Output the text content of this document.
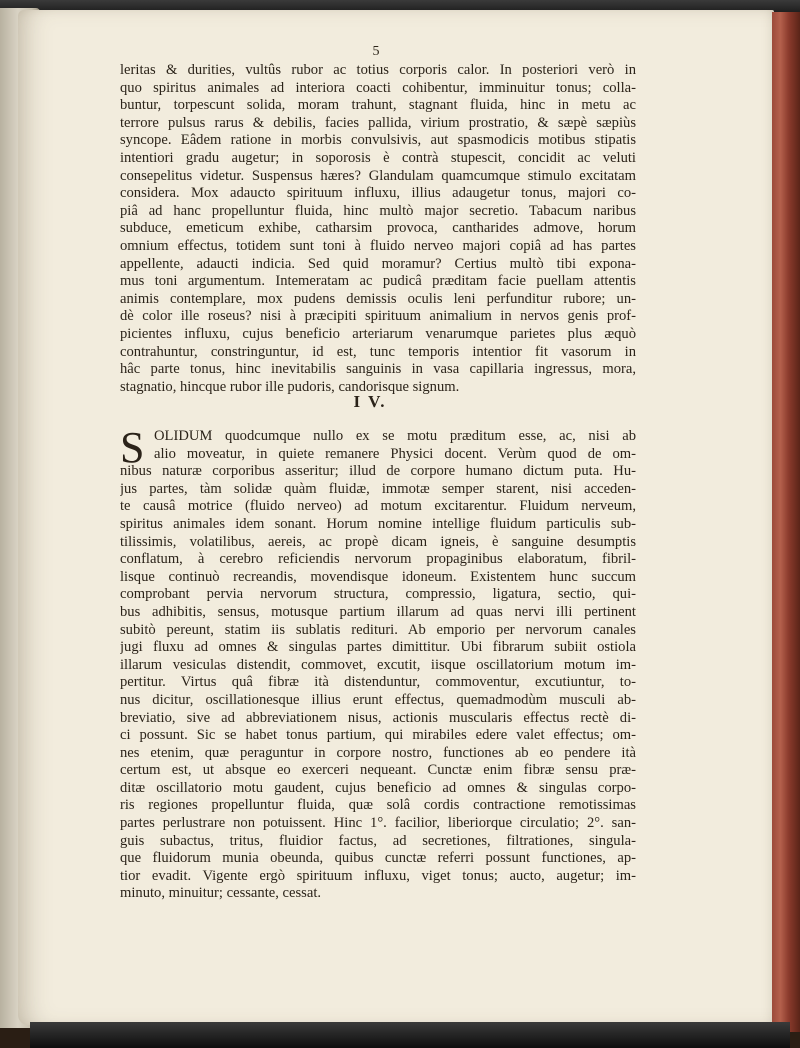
5
leritas & durities, vultûs rubor ac totius corporis calor. In posteriori verò in
quo spiritus animales ad interiora coacti cohibentur, imminuitur tonus; colla-
buntur, torpescunt solida, moram trahunt, stagnant fluida, hinc in metu ac
terrore pulsus rarus & debilis, facies pallida, virium prostratio, & sæpè sæpiùs
syncope. Eâdem ratione in morbis convulsivis, aut spasmodicis motibus stipatis
intentiori gradu augetur; in soporosis è contrà stupescit, concidit ac veluti
consepelitus videtur. Suspensus hæres? Glandulam quamcumque stimulo excitatam
considera. Mox adaucto spirituum influxu, illius adaugetur tonus, majori co-
piâ ad hanc propelluntur fluida, hinc multò major secretio. Tabacum naribus
subduce, emeticum exhibe, catharsim provoca, cantharides admove, horum
omnium effectus, totidem sunt toni à fluido nerveo majori copiâ ad has partes
appellente, adaucti indicia. Sed quid moramur? Certius multò tibi expona-
mus toni argumentum. Intemeratam ac pudicâ præditam facie puellam attentis
animis contemplare, mox pudens demissis oculis leni perfunditur rubore; un-
dè color ille roseus? nisi à præcipiti spirituum animalium in nervos genis prof-
picientes influxu, cujus beneficio arteriarum venarumque parietes plus æquò
contrahuntur, constringuntur, id est, tunc temporis intentior fit vasorum in
hâc parte tonus, hinc inevitabilis sanguinis in vasa capillaria ingressus, mora,
stagnatio, hincque rubor ille pudoris, candorisque signum.
I V.
S OLIDUM quodcumque nullo ex se motu præditum esse, ac, nisi ab
alio moveatur, in quiete remanere Physici docent. Verùm quod de om-
nibus naturæ corporibus asseritur; illud de corpore humano dictum puta. Hu-
jus partes, tàm solidæ quàm fluidæ, immotæ semper starent, nisi acceden-
te causâ motrice (fluido nerveo) ad motum excitarentur. Fluidum nerveum,
spiritus animales idem sonant. Horum nomine intellige fluidum particulis sub-
tilissimis, volatilibus, aereis, ac propè dicam igneis, è sanguine desumptis
conflatum, à cerebro reficiendis nervorum propaginibus elaboratum, fibril-
lisque continuò recreandis, movendisque idoneum. Existentem hunc succum
comprobant pervia nervorum structura, compressio, ligatura, sectio, qui-
bus adhibitis, sensus, motusque partium illarum ad quas nervi illi pertinent
subitò pereunt, statim iis sublatis redituri. Ab emporio per nervorum canales
jugi fluxu ad omnes & singulas partes dimittitur. Ubi fibrarum subiit ostiola
illarum vesiculas distendit, commovet, excutit, iisque oscillatorium motum im-
pertitur. Virtus quâ fibræ ità distenduntur, commoventur, excutiuntur, to-
nus dicitur, oscillationesque illius erunt effectus, quemadmodùm musculi ab-
breviatio, sive ad abbreviationem nisus, actionis muscularis effectus rectè di-
ci possunt. Sic se habet tonus partium, qui mirabiles edere valet effectus; om-
nes etenim, quæ peraguntur in corpore nostro, functiones ab eo pendere ità
certum est, ut absque eo exerceri nequeant. Cunctæ enim fibræ sensu præ-
ditæ oscillatorio motu gaudent, cujus beneficio ad omnes & singulas corpo-
ris regiones propelluntur fluida, quæ solâ cordis contractione remotissimas
partes perlustrare non potuissent. Hinc 1°. facilior, liberiorque circulatio; 2°. san-
guis subactus, tritus, fluidior factus, ad secretiones, filtrationes, singula-
que fluidorum munia obeunda, quibus cunctæ referri possunt functiones, ap-
tior evadit. Vigente ergò spirituum influxu, viget tonus; aucto, augetur; im-
minuto, minuitur; cessante, cessat.
